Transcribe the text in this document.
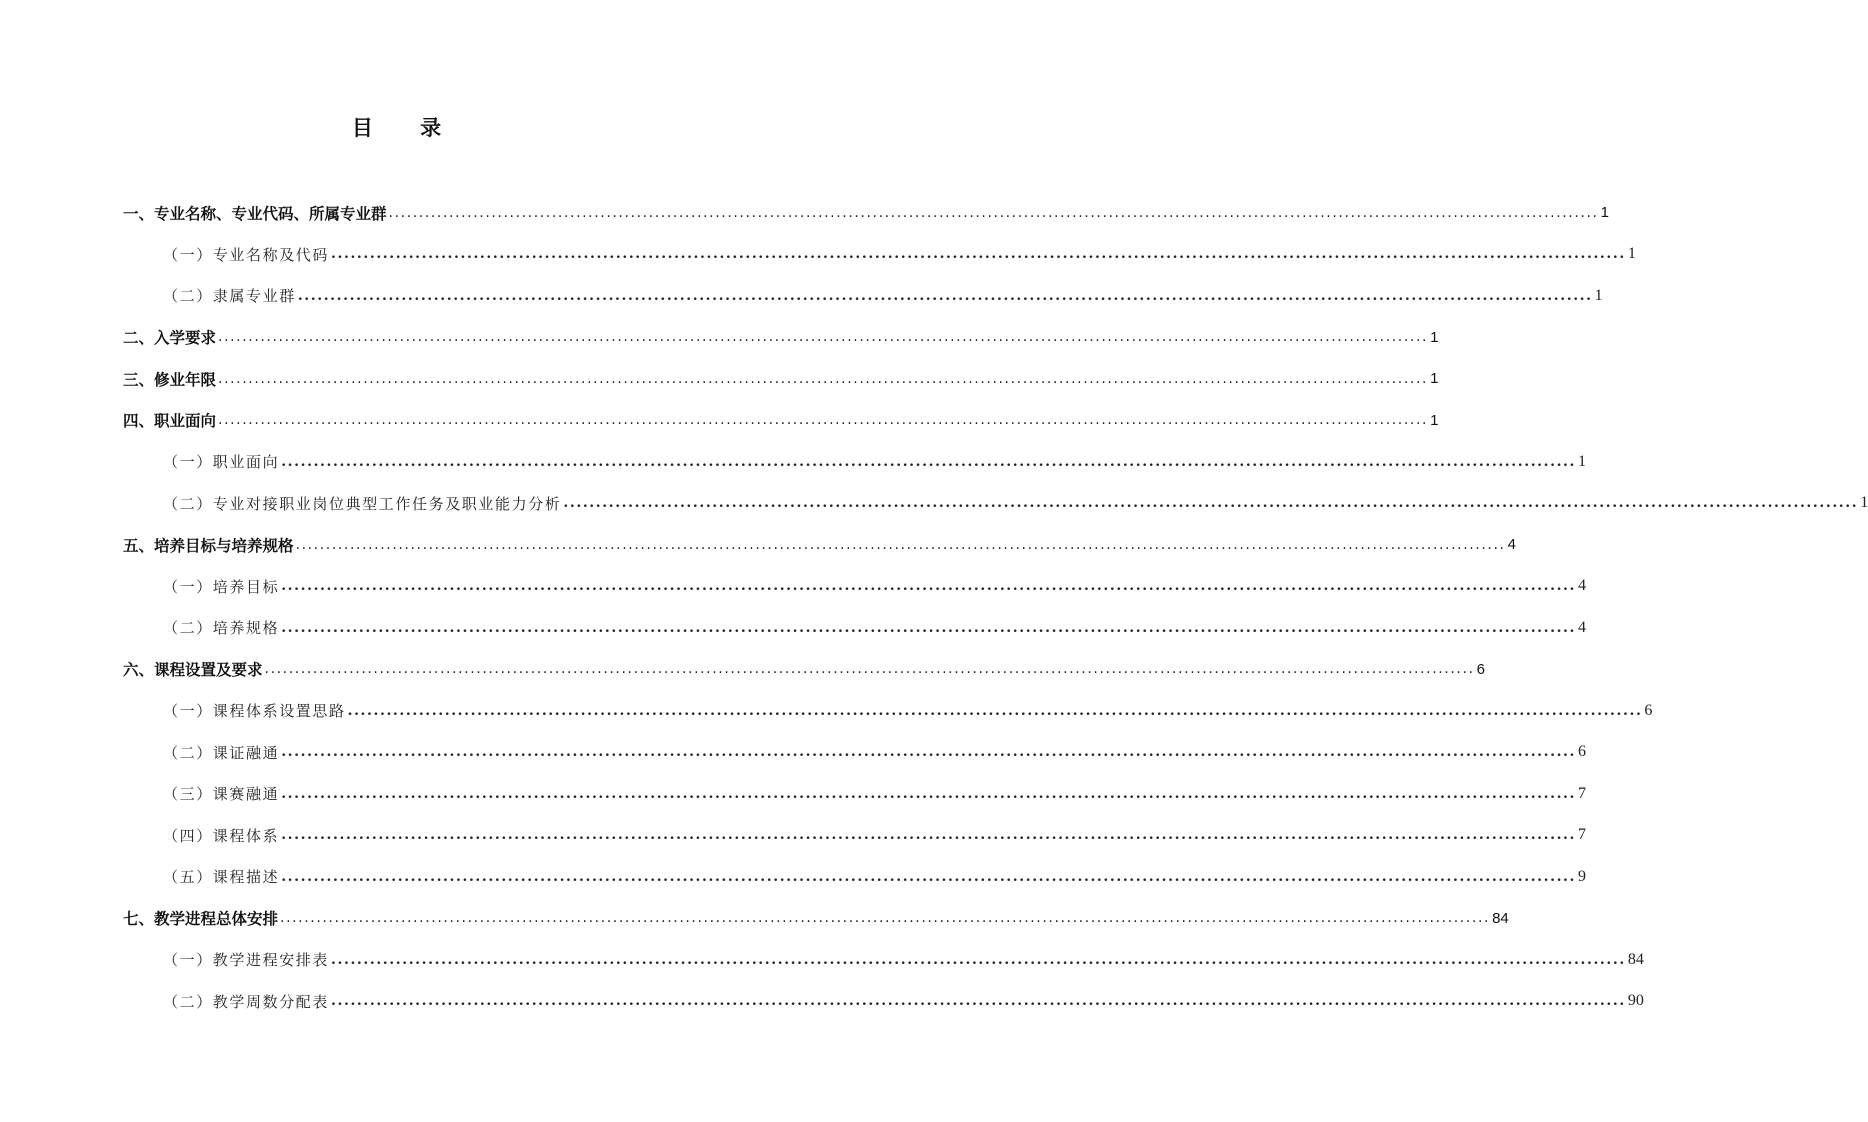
目 录
一、专业名称、专业代码、所属专业群 ........................................................................................................................................................................................................ 1
（一）专业名称及代码 ........................................................................................................................................................................................................ 1
（二）隶属专业群 ........................................................................................................................................................................................................ 1
二、入学要求 ........................................................................................................................................................................................................ 1
三、修业年限 ........................................................................................................................................................................................................ 1
四、职业面向 ........................................................................................................................................................................................................ 1
（一）职业面向 ........................................................................................................................................................................................................ 1
（二）专业对接职业岗位典型工作任务及职业能力分析 ........................................................................................................................................................................................................ 1
五、培养目标与培养规格 ........................................................................................................................................................................................................ 4
（一）培养目标 ........................................................................................................................................................................................................ 4
（二）培养规格 ........................................................................................................................................................................................................ 4
六、课程设置及要求 ........................................................................................................................................................................................................ 6
（一）课程体系设置思路 ........................................................................................................................................................................................................ 6
（二）课证融通 ........................................................................................................................................................................................................ 6
（三）课赛融通 ........................................................................................................................................................................................................ 7
（四）课程体系 ........................................................................................................................................................................................................ 7
（五）课程描述 ........................................................................................................................................................................................................ 9
七、教学进程总体安排 ........................................................................................................................................................................................................ 84
（一）教学进程安排表 ........................................................................................................................................................................................................ 84
（二）教学周数分配表 ........................................................................................................................................................................................................ 90
